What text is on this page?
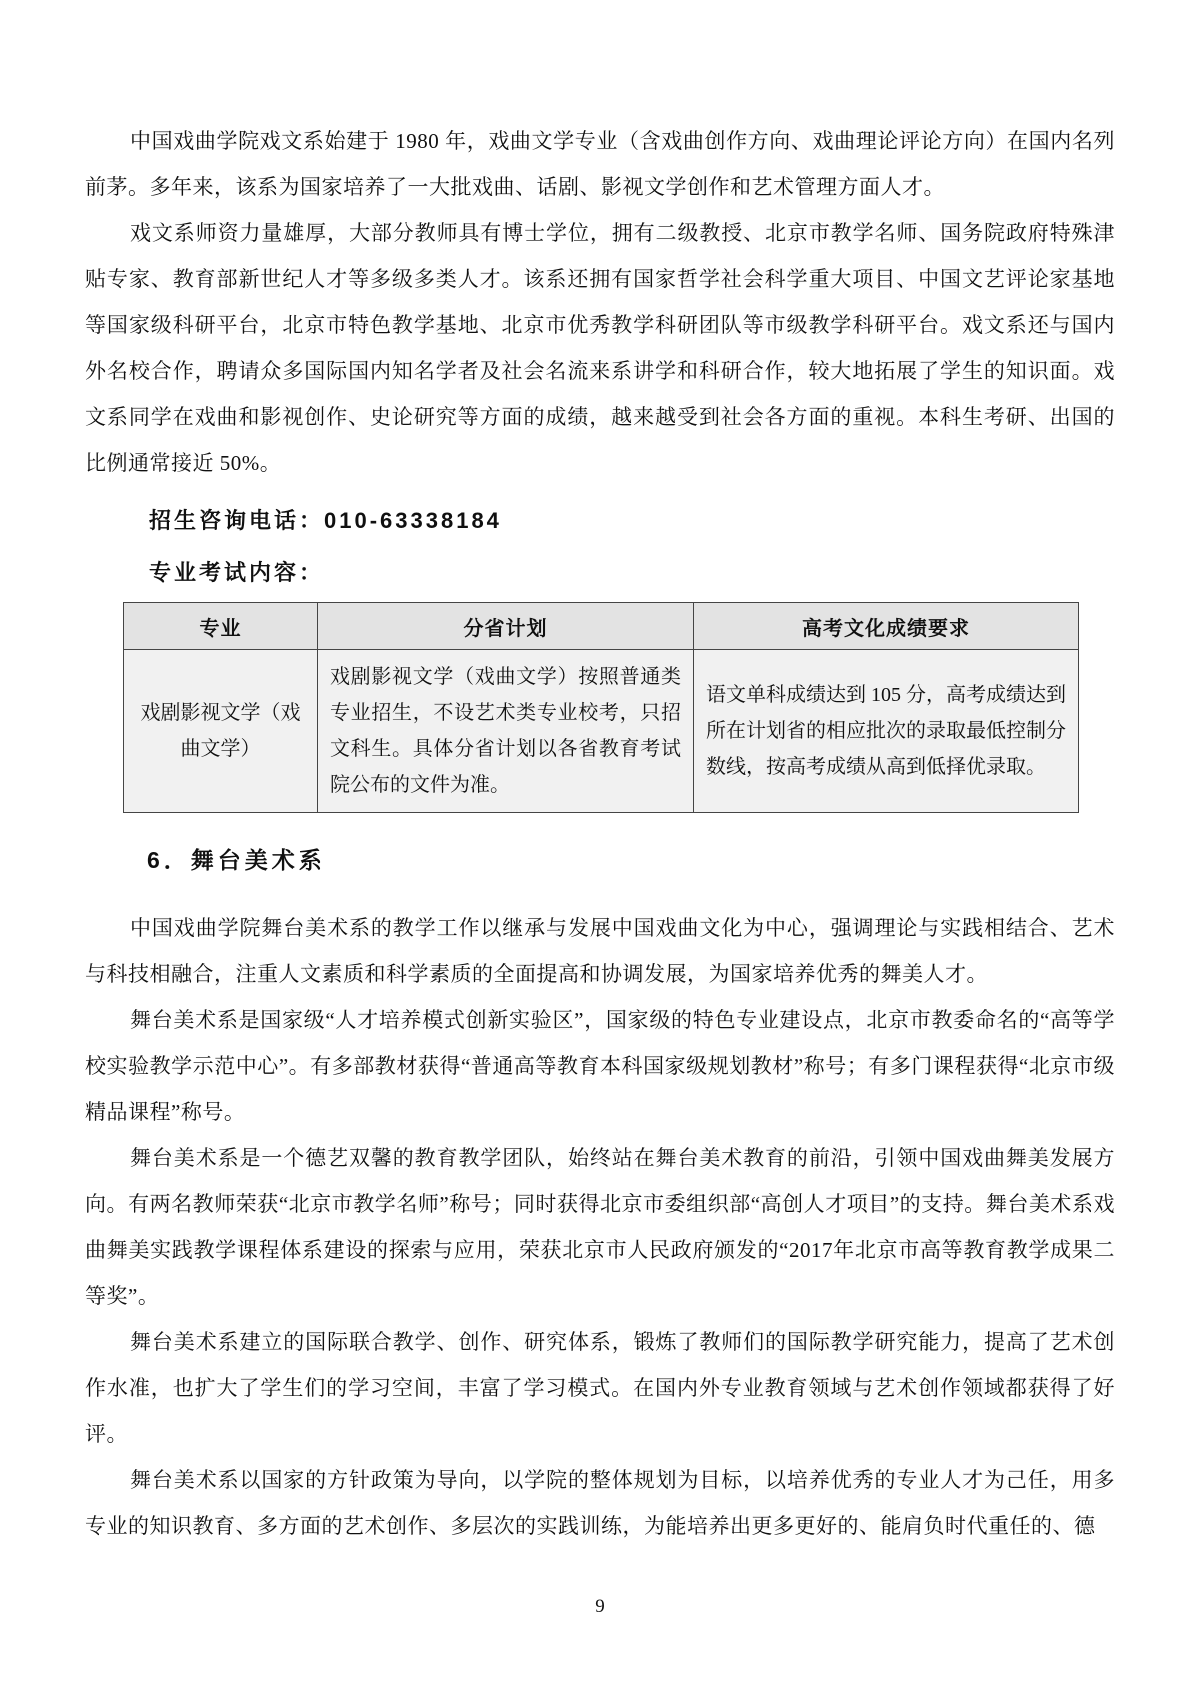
中国戏曲学院戏文系始建于 1980 年，戏曲文学专业（含戏曲创作方向、戏曲理论评论方向）在国内名列前茅。多年来，该系为国家培养了一大批戏曲、话剧、影视文学创作和艺术管理方面人才。

戏文系师资力量雄厚，大部分教师具有博士学位，拥有二级教授、北京市教学名师、国务院政府特殊津贴专家、教育部新世纪人才等多级多类人才。该系还拥有国家哲学社会科学重大项目、中国文艺评论家基地等国家级科研平台，北京市特色教学基地、北京市优秀教学科研团队等市级教学科研平台。戏文系还与国内外名校合作，聘请众多国际国内知名学者及社会名流来系讲学和科研合作，较大地拓展了学生的知识面。戏文系同学在戏曲和影视创作、史论研究等方面的成绩，越来越受到社会各方面的重视。本科生考研、出国的比例通常接近 50%。

招生咨询电话：010-63338184
专业考试内容：
专业	分省计划	高考文化成绩要求
戏剧影视文学（戏曲文学）	戏剧影视文学（戏曲文学）按照普通类专业招生，不设艺术类专业校考，只招文科生。具体分省计划以各省教育考试院公布的文件为准。	语文单科成绩达到 105 分，高考成绩达到所在计划省的相应批次的录取最低控制分数线，按高考成绩从高到低择优录取。
6．舞台美术系

中国戏曲学院舞台美术系的教学工作以继承与发展中国戏曲文化为中心，强调理论与实践相结合、艺术与科技相融合，注重人文素质和科学素质的全面提高和协调发展，为国家培养优秀的舞美人才。

舞台美术系是国家级“人才培养模式创新实验区”，国家级的特色专业建设点，北京市教委命名的“高等学校实验教学示范中心”。有多部教材获得“普通高等教育本科国家级规划教材”称号；有多门课程获得“北京市级精品课程”称号。

舞台美术系是一个德艺双馨的教育教学团队，始终站在舞台美术教育的前沿，引领中国戏曲舞美发展方向。有两名教师荣获“北京市教学名师”称号；同时获得北京市委组织部“高创人才项目”的支持。舞台美术系戏曲舞美实践教学课程体系建设的探索与应用，荣获北京市人民政府颁发的“2017年北京市高等教育教学成果二等奖”。

舞台美术系建立的国际联合教学、创作、研究体系，锻炼了教师们的国际教学研究能力，提高了艺术创作水准，也扩大了学生们的学习空间，丰富了学习模式。在国内外专业教育领域与艺术创作领域都获得了好评。

舞台美术系以国家的方针政策为导向，以学院的整体规划为目标，以培养优秀的专业人才为己任，用多专业的知识教育、多方面的艺术创作、多层次的实践训练，为能培养出更多更好的、能肩负时代重任的、德

9
